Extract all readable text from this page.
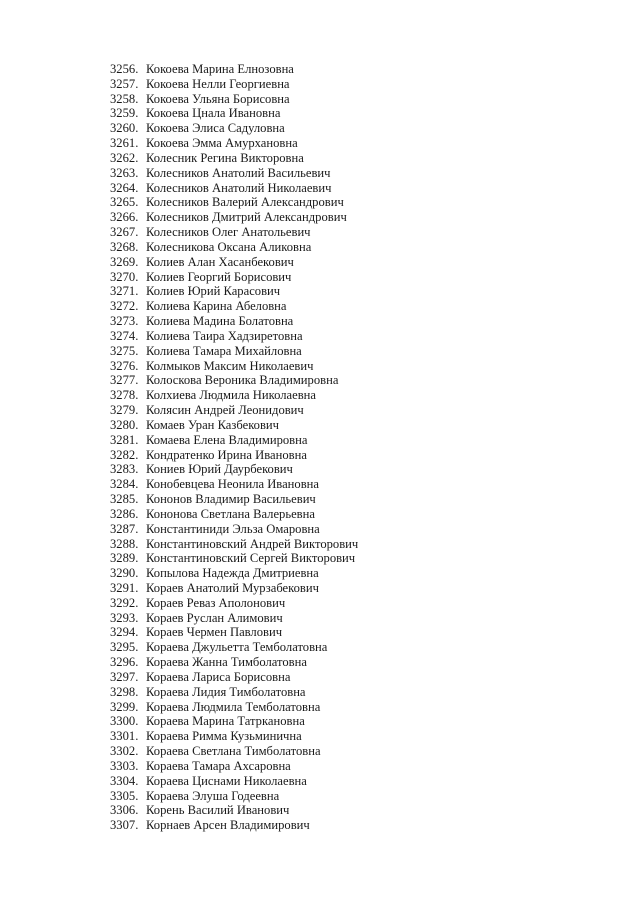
3256. Кокоева Марина Елнозовна
3257. Кокоева Нелли Георгиевна
3258. Кокоева Ульяна Борисовна
3259. Кокоева Цнала Ивановна
3260. Кокоева Элиса Садуловна
3261. Кокоева Эмма Амурхановна
3262. Колесник Регина Викторовна
3263. Колесников Анатолий Васильевич
3264. Колесников Анатолий Николаевич
3265. Колесников Валерий Александрович
3266. Колесников Дмитрий Александрович
3267. Колесников Олег Анатольевич
3268. Колесникова Оксана Аликовна
3269. Колиев Алан Хасанбекович
3270. Колиев Георгий Борисович
3271. Колиев Юрий Карасович
3272. Колиева Карина Абеловна
3273. Колиева Мадина Болатовна
3274. Колиева Таира Хадзиретовна
3275. Колиева Тамара Михайловна
3276. Колмыков Максим Николаевич
3277. Колоскова Вероника Владимировна
3278. Колхиева Людмила Николаевна
3279. Колясин Андрей Леонидович
3280. Комаев Уран Казбекович
3281. Комаева Елена Владимировна
3282. Кондратенко Ирина Ивановна
3283. Кониев Юрий Даурбекович
3284. Конобевцева Неонила Ивановна
3285. Кононов Владимир Васильевич
3286. Кононова Светлана Валерьевна
3287. Константиниди Эльза Омаровна
3288. Константиновский Андрей Викторович
3289. Константиновский Сергей Викторович
3290. Копылова Надежда Дмитриевна
3291. Кораев Анатолий Мурзабекович
3292. Кораев Реваз Аполонович
3293. Кораев Руслан Алимович
3294. Кораев Чермен Павлович
3295. Кораева Джульетта Темболатовна
3296. Кораева Жанна Тимболатовна
3297. Кораева Лариса Борисовна
3298. Кораева Лидия Тимболатовна
3299. Кораева Людмила Темболатовна
3300. Кораева Марина Татркановна
3301. Кораева Римма Кузьминична
3302. Кораева Светлана Тимболатовна
3303. Кораева Тамара Ахсаровна
3304. Кораева Циснами Николаевна
3305. Кораева Элуша Годеевна
3306. Корень Василий Иванович
3307. Корнаев Арсен Владимирович
